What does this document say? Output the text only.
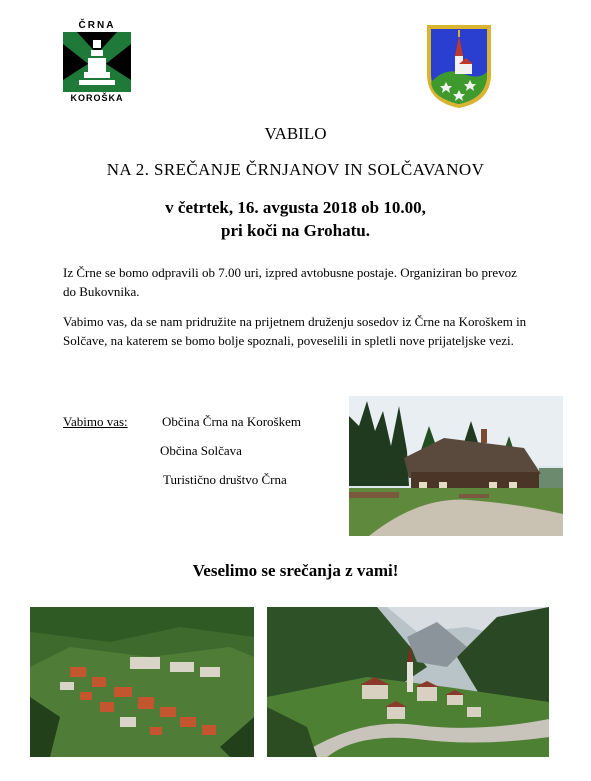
ČRNA
KOROŠKA
VABILO
NA 2. SREČANJE ČRNJANOV IN SOLČAVANOV
v četrtek, 16. avgusta 2018 ob 10.00,
pri koči na Grohatu.
Iz Črne se bomo odpravili ob 7.00 uri, izpred avtobusne postaje. Organiziran bo prevoz do Bukovnika.
Vabimo vas, da se nam pridružite na prijetnem druženju sosedov iz Črne na Koroškem in Solčave, na katerem se bomo bolje spoznali, poveselili in spletli nove prijateljske vezi.
Vabimo vas:	Občina Črna na Koroškem
Občina Solčava
Turistično društvo Črna
Veselimo se srečanja z vami!
